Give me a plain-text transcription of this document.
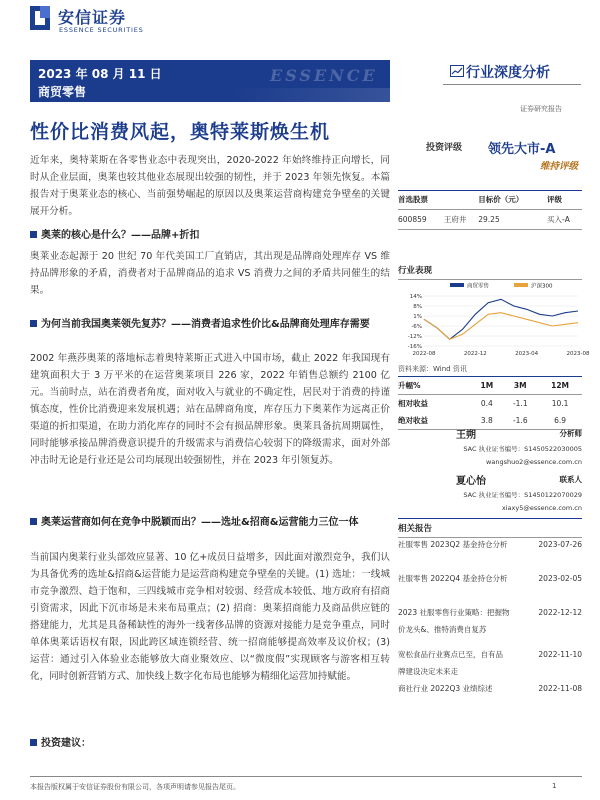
安信证券
ESSENCE SECURITIES
ESSENCE
2023 年 08 月 11 日
商贸零售
行业深度分析
证券研究报告
性价比消费风起，奥特莱斯焕生机
近年来，奥特莱斯在各零售业态中表现突出，2020-2022 年始终维持正向增长，同时从企业层面，奥莱也较其他业态展现出较强的韧性，并于 2023 年领先恢复。本篇报告对于奥莱业态的核心、当前强势崛起的原因以及奥莱运营商构建竞争壁垒的关键展开分析。
奥莱的核心是什么？——品牌+折扣
奥莱业态起源于 20 世纪 70 年代美国工厂直销店，其出现是品牌商处理库存 VS 维持品牌形象的矛盾，消费者对于品牌商品的追求 VS 消费力之间的矛盾共同催生的结果。
为何当前我国奥莱领先复苏？——消费者追求性价比&品牌商处理库存需要
2002 年燕莎奥莱的落地标志着奥特莱斯正式进入中国市场，截止 2022 年我国现有建筑面积大于 3 万平米的在运营奥莱项目 226 家，2022 年销售总额约 2100 亿元。当前时点，站在消费者角度，面对收入与就业的不确定性，居民对于消费的持谨慎态度，性价比消费迎来发展机遇；站在品牌商角度，库存压力下奥莱作为远离正价渠道的折扣渠道，在助力消化库存的同时不会有损品牌形象。奥莱具备抗周期属性，同时能够承接品牌消费意识提升的升级需求与消费信心较弱下的降级需求，面对外部冲击时无论是行业还是公司均展现出较强韧性，并在 2023 年引领复苏。
奥莱运营商如何在竞争中脱颖而出？——选址&招商&运营能力三位一体
当前国内奥莱行业头部效应显著、10 亿+成员日益增多，因此面对激烈竞争，我们认为具备优秀的选址&招商&运营能力是运营商构建竞争壁垒的关键。(1) 选址：一线城市竞争激烈、趋于饱和，三四线城市竞争相对较弱、经营成本较低、地方政府有招商引资需求，因此下沉市场是未来布局重点；(2) 招商：奥莱招商能力及商品供应链的搭建能力，尤其是具备稀缺性的海外一线奢侈品牌的资源对接能力是竞争重点，同时单体奥莱话语权有限，因此跨区域连锁经营、统一招商能够提高效率及议价权；(3) 运营：通过引入体验业态能够放大商业聚效应、以“微度假”实现顾客与游客相互转化，同时创新营销方式、加快线上数字化布局也能够为精细化运营加持赋能。
投资建议：
投资评级 领先大市-A
维持评级
首选股票		目标价（元）	评级
600859	王府井	29.25	买入-A
行业表现
14%
8%
1%
-6%
-12%
-16%
2022-08	2022-12	2023-04	2023-08
商贸零售	沪深300
资料来源：Wind 资讯
升幅%	1M	3M	12M
相对收益	0.4	-1.1	10.1
绝对收益	3.8	-1.6	6.9
王朔	分析师
SAC 执业证书编号：S1450522030005
wangshuo2@essence.com.cn
夏心怡	联系人
SAC 执业证书编号：S1450122070029
xiaxy5@essence.com.cn
相关报告
社服零售 2023Q2 基金持仓分析	2023-07-26
社服零售 2022Q4 基金持仓分析	2023-02-05
2023 社服零售行业策略：把握物价龙头&、推特消费自复苏
2022-12-12
宽松食品行业赛点已至，自有品牌建设决定未来走
2022-11-10
商社行业 2022Q3 业绩综述	2022-11-08
本报告版权属于安信证券股份有限公司，各项声明请参见报告尾页。	1
